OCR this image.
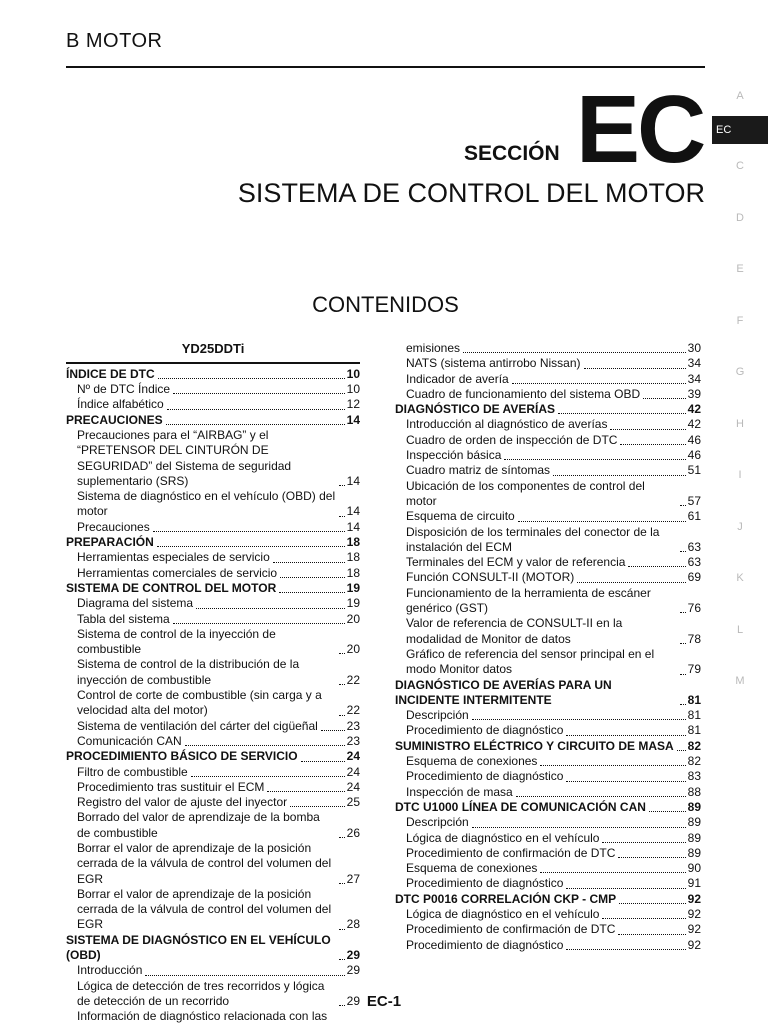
B MOTOR
SECCIÓN EC
SISTEMA DE CONTROL DEL MOTOR
CONTENIDOS
A
EC
C
D
E
F
G
H
I
J
K
L
M
YD25DDTi
ÍNDICE DE DTC	10
Nº de DTC Índice	10
Índice alfabético	12
PRECAUCIONES	14
Precauciones para el “AIRBAG” y el “PRETENSOR DEL CINTURÓN DE SEGURIDAD” del Sistema de seguridad suplementario (SRS)	14
Sistema de diagnóstico en el vehículo (OBD) del motor	14
Precauciones	14
PREPARACIÓN	18
Herramientas especiales de servicio	18
Herramientas comerciales de servicio	18
SISTEMA DE CONTROL DEL MOTOR	19
Diagrama del sistema	19
Tabla del sistema	20
Sistema de control de la inyección de combustible	20
Sistema de control de la distribución de la inyección de combustible	22
Control de corte de combustible (sin carga y a velocidad alta del motor)	22
Sistema de ventilación del cárter del cigüeñal 23
Comunicación CAN	23
PROCEDIMIENTO BÁSICO DE SERVICIO	24
Filtro de combustible	24
Procedimiento tras sustituir el ECM	24
Registro del valor de ajuste del inyector	25
Borrado del valor de aprendizaje de la bomba de combustible	26
Borrar el valor de aprendizaje de la posición cerrada de la válvula de control del volumen del EGR	27
Borrar el valor de aprendizaje de la posición cerrada de la válvula de control del volumen del EGR	28
SISTEMA DE DIAGNÓSTICO EN EL VEHÍCULO (OBD)	29
Introducción	29
Lógica de detección de tres recorridos y lógica de detección de un recorrido	29
Información de diagnóstico relacionada con las
emisiones	30
NATS (sistema antirrobo Nissan)	34
Indicador de avería	34
Cuadro de funcionamiento del sistema OBD	39
DIAGNÓSTICO DE AVERÍAS	42
Introducción al diagnóstico de averías	42
Cuadro de orden de inspección de DTC	46
Inspección básica	46
Cuadro matriz de síntomas	51
Ubicación de los componentes de control del motor	57
Esquema de circuito	61
Disposición de los terminales del conector de la instalación del ECM	63
Terminales del ECM y valor de referencia	63
Función CONSULT-II (MOTOR)	69
Funcionamiento de la herramienta de escáner genérico (GST)	76
Valor de referencia de CONSULT-II en la modalidad de Monitor de datos	78
Gráfico de referencia del sensor principal en el modo Monitor datos	79
DIAGNÓSTICO DE AVERÍAS PARA UN INCIDENTE INTERMITENTE	81
Descripción	81
Procedimiento de diagnóstico	81
SUMINISTRO ELÉCTRICO Y CIRCUITO DE MASA 82
Esquema de conexiones	82
Procedimiento de diagnóstico	83
Inspección de masa	88
DTC U1000 LÍNEA DE COMUNICACIÓN CAN	89
Descripción	89
Lógica de diagnóstico en el vehículo	89
Procedimiento de confirmación de DTC	89
Esquema de conexiones	90
Procedimiento de diagnóstico	91
DTC P0016 CORRELACIÓN CKP - CMP	92
Lógica de diagnóstico en el vehículo	92
Procedimiento de confirmación de DTC	92
Procedimiento de diagnóstico	92
EC-1
